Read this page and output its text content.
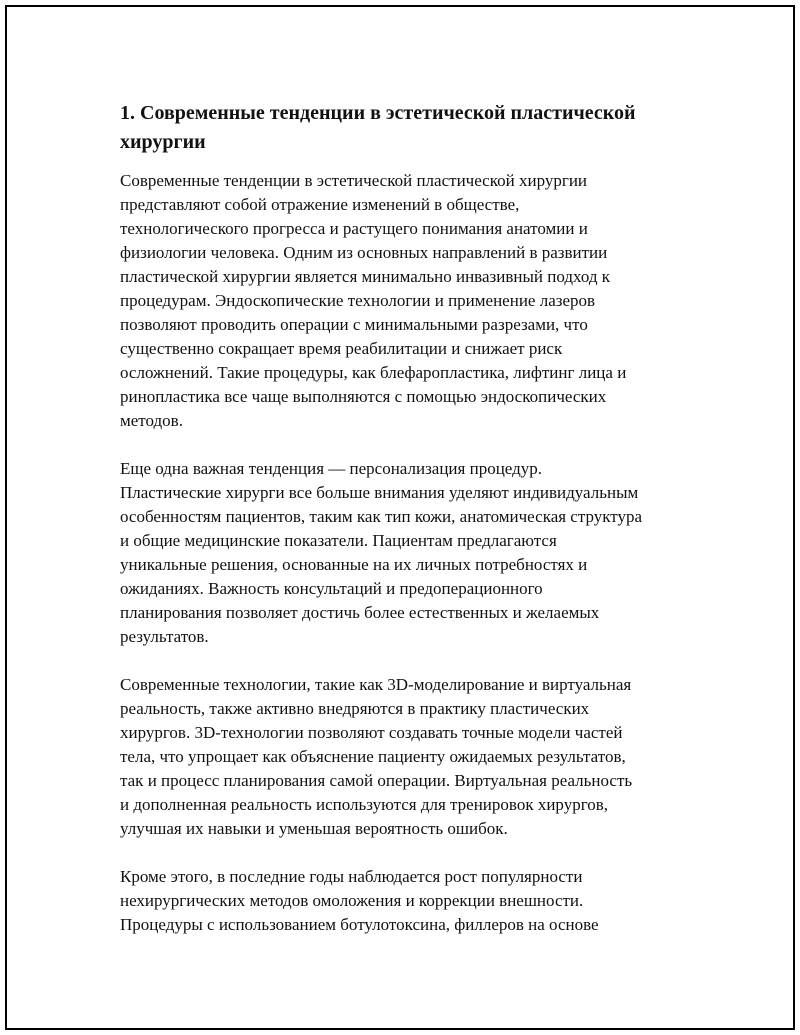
1. Современные тенденции в эстетической пластической хирургии

Современные тенденции в эстетической пластической хирургии
представляют собой отражение изменений в обществе,
технологического прогресса и растущего понимания анатомии и
физиологии человека. Одним из основных направлений в развитии
пластической хирургии является минимально инвазивный подход к
процедурам. Эндоскопические технологии и применение лазеров
позволяют проводить операции с минимальными разрезами, что
существенно сокращает время реабилитации и снижает риск
осложнений. Такие процедуры, как блефаропластика, лифтинг лица и
ринопластика все чаще выполняются с помощью эндоскопических
методов.

Еще одна важная тенденция — персонализация процедур.
Пластические хирурги все больше внимания уделяют индивидуальным
особенностям пациентов, таким как тип кожи, анатомическая структура
и общие медицинские показатели. Пациентам предлагаются
уникальные решения, основанные на их личных потребностях и
ожиданиях. Важность консультаций и предоперационного
планирования позволяет достичь более естественных и желаемых
результатов.

Современные технологии, такие как 3D-моделирование и виртуальная
реальность, также активно внедряются в практику пластических
хирургов. 3D-технологии позволяют создавать точные модели частей
тела, что упрощает как объяснение пациенту ожидаемых результатов,
так и процесс планирования самой операции. Виртуальная реальность
и дополненная реальность используются для тренировок хирургов,
улучшая их навыки и уменьшая вероятность ошибок.

Кроме этого, в последние годы наблюдается рост популярности
нехирургических методов омоложения и коррекции внешности.
Процедуры с использованием ботулотоксина, филлеров на основе
